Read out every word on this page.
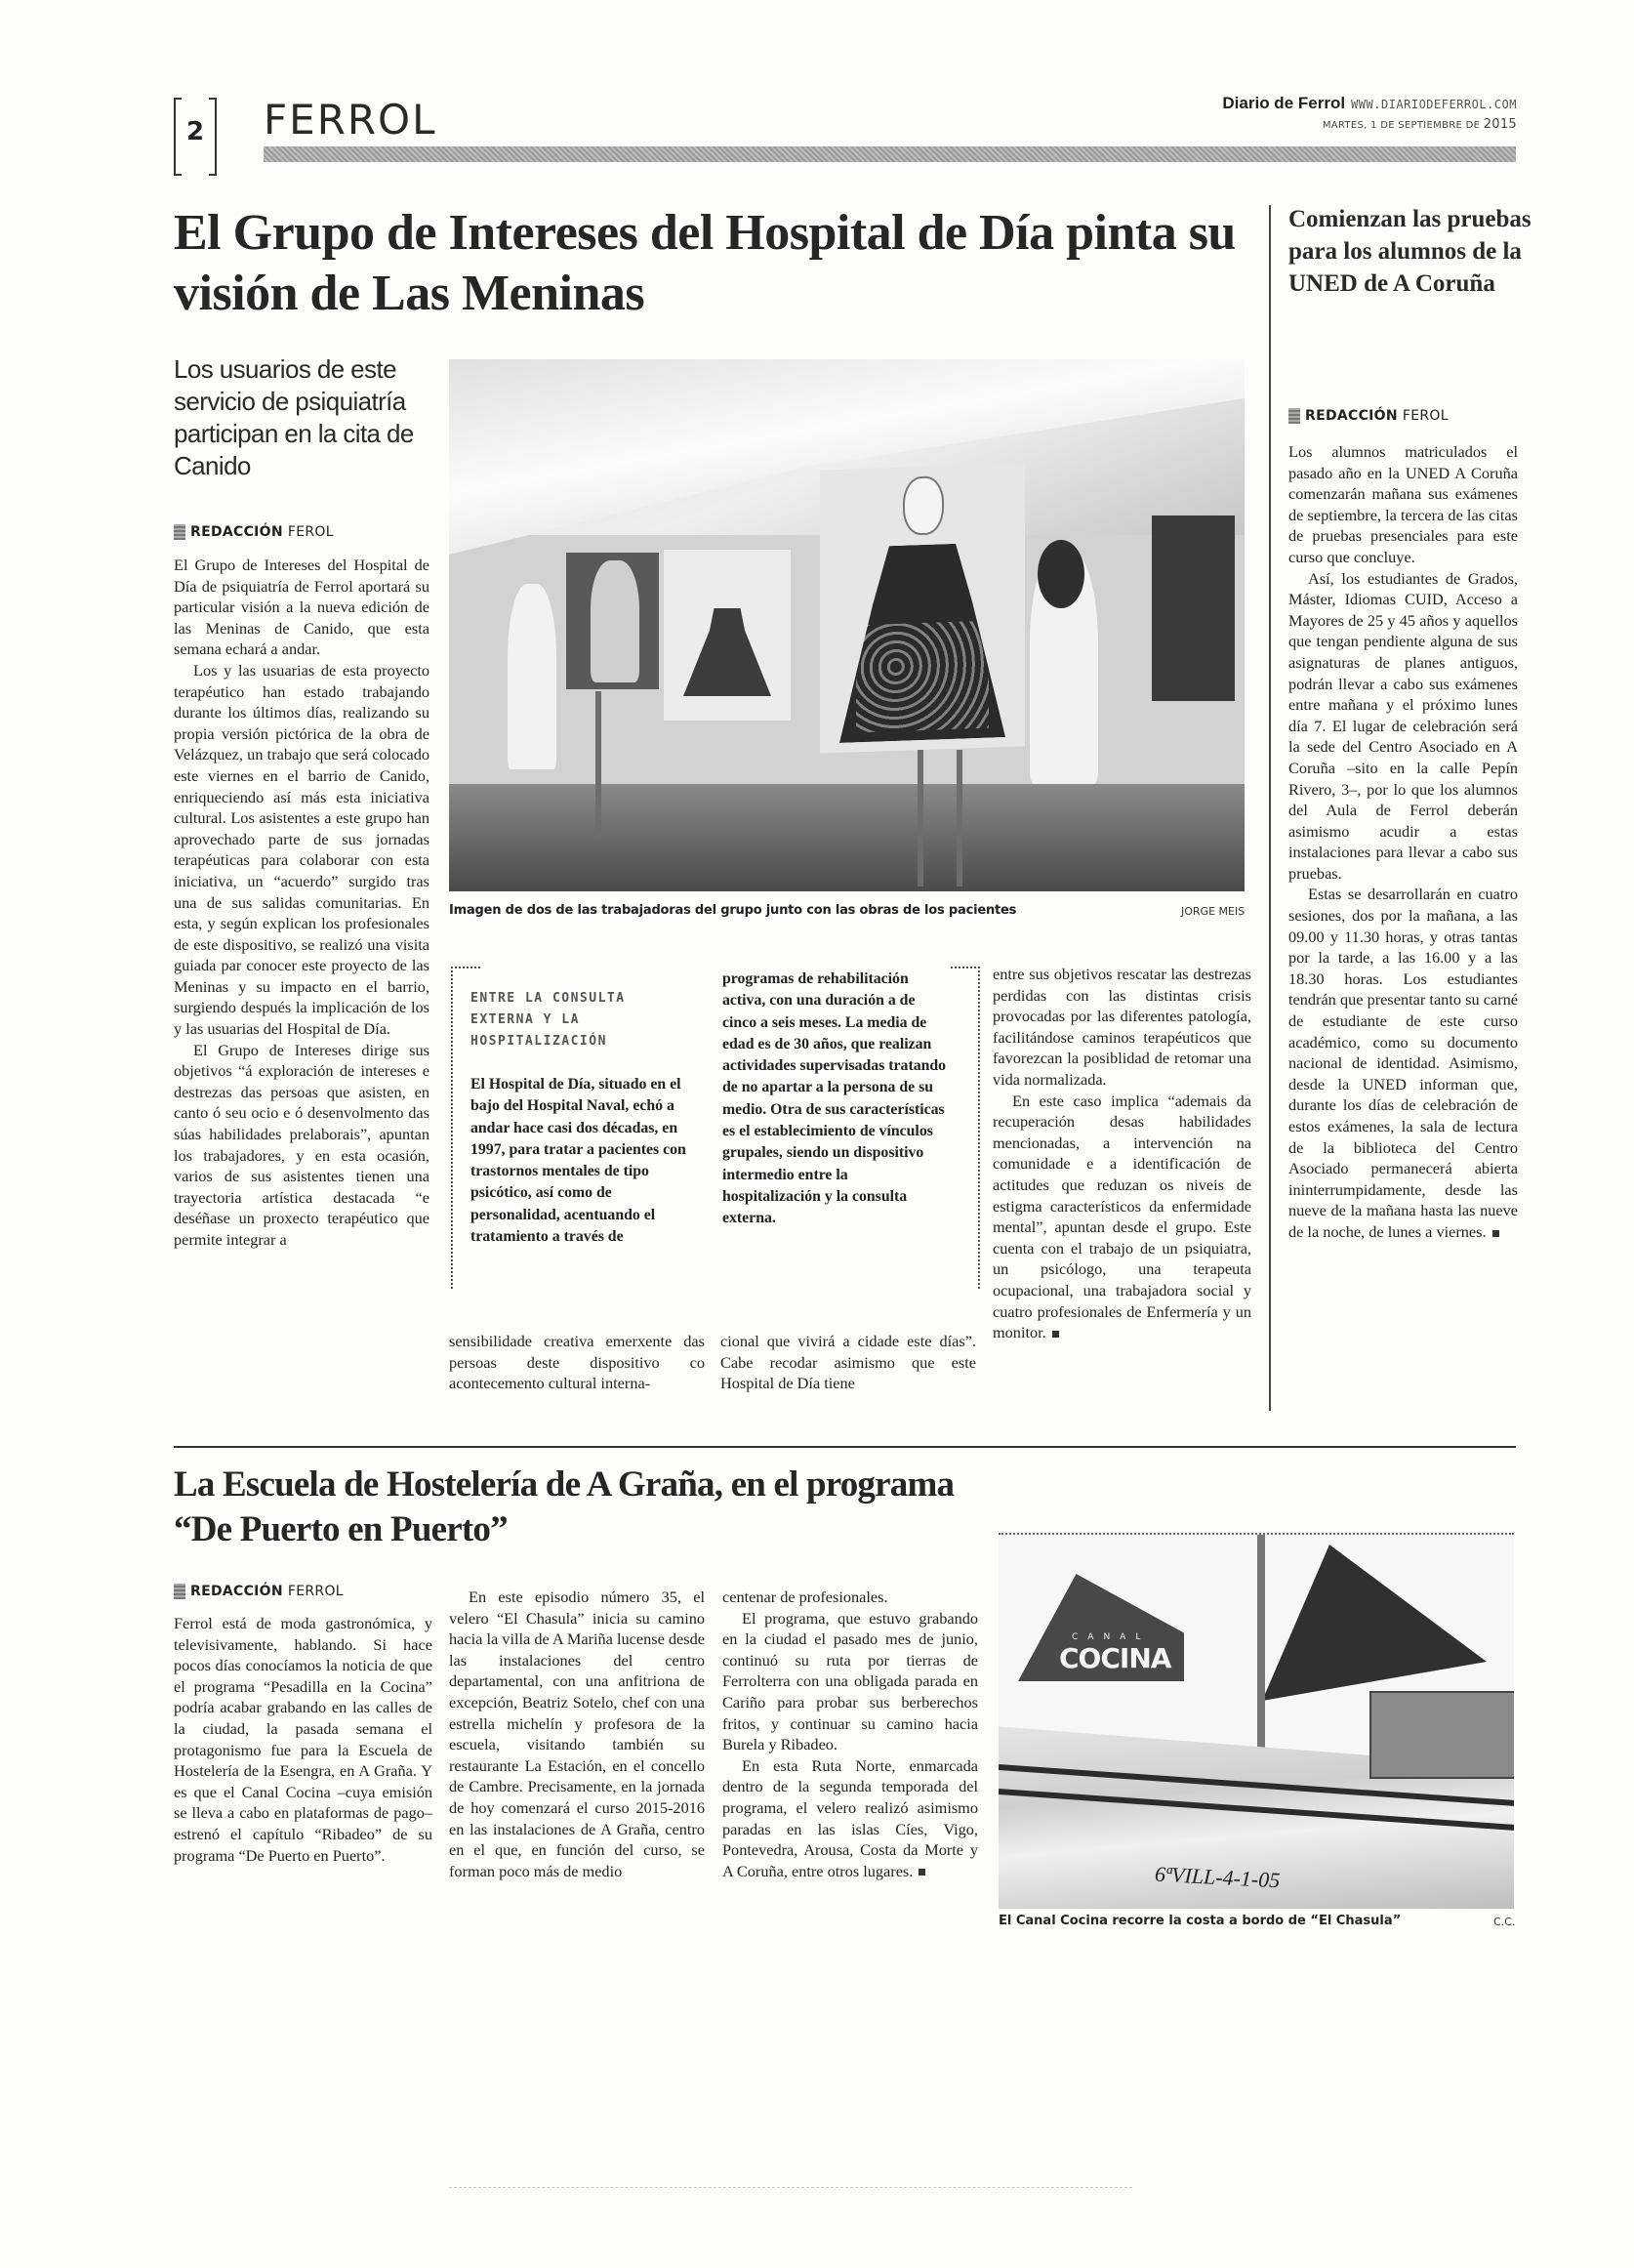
2	FERROL	Diario de Ferrol WWW.DIARIODEFERROL.COM
MARTES, 1 DE SEPTIEMBRE DE 2015
El Grupo de Intereses del Hospital de Día pinta su visión de Las Meninas
Los usuarios de este servicio de psiquiatría participan en la cita de Canido
REDACCIÓN FEROL

El Grupo de Intereses del Hospital de Día de psiquiatría de Ferrol aportará su particular visión a la nueva edición de las Meninas de Canido, que esta semana echará a andar.

Los y las usuarias de esta proyecto terapéutico han estado trabajando durante los últimos días, realizando su propia versión pictórica de la obra de Velázquez, un trabajo que será colocado este viernes en el barrio de Canido, enriqueciendo así más esta iniciativa cultural. Los asistentes a este grupo han aprovechado parte de sus jornadas terapéuticas para colaborar con esta iniciativa, un “acuerdo” surgido tras una de sus salidas comunitarias. En esta, y según explican los profesionales de este dispositivo, se realizó una visita guiada par conocer este proyecto de las Meninas y su impacto en el barrio, surgiendo después la implicación de los y las usuarias del Hospital de Día.

El Grupo de Intereses dirige sus objetivos “á exploración de intereses e destrezas das persoas que asisten, en canto ó seu ocio e ó desenvolmento das súas habilidades prelaborais”, apuntan los trabajadores, y en esta ocasión, varios de sus asistentes tienen una trayectoria artística destacada “e deséñase un proxecto terapéutico que permite integrar a

Imagen de dos de las trabajadoras del grupo junto con las obras de los pacientes	JORGE MEIS
ENTRE LA CONSULTA EXTERNA Y LA HOSPITALIZACIÓN
El Hospital de Día, situado en el bajo del Hospital Naval, echó a andar hace casi dos décadas, en 1997, para tratar a pacientes con trastornos mentales de tipo psicótico, así como de personalidad, acentuando el tratamiento a través de
programas de rehabilitación activa, con una duración a de cinco a seis meses. La media de edad es de 30 años, que realizan actividades supervisadas tratando de no apartar a la persona de su medio. Otra de sus características es el establecimiento de vínculos grupales, siendo un dispositivo intermedio entre la hospitalización y la consulta externa.

sensibilidade creativa emerxente das persoas deste dispositivo co acontecemento cultural interna-

cional que vivirá a cidade este días”. Cabe recodar asimismo que este Hospital de Día tiene

entre sus objetivos rescatar las destrezas perdidas con las distintas crisis provocadas por las diferentes patología, facilitándose caminos terapéuticos que favorezcan la posiblidad de retomar una vida normalizada.

En este caso implica “ademais da recuperación desas habilidades mencionadas, a intervención na comunidade e a identificación de actitudes que reduzan os niveis de estigma característicos da enfermidade mental”, apuntan desde el grupo. Este cuenta con el trabajo de un psiquiatra, un psicólogo, una terapeuta ocupacional, una trabajadora social y cuatro profesionales de Enfermería y un monitor.

Comienzan las pruebas para los alumnos de la UNED de A Coruña
REDACCIÓN FEROL

Los alumnos matriculados el pasado año en la UNED A Coruña comenzarán mañana sus exámenes de septiembre, la tercera de las citas de pruebas presenciales para este curso que concluye.

Así, los estudiantes de Grados, Máster, Idiomas CUID, Acceso a Mayores de 25 y 45 años y aquellos que tengan pendiente alguna de sus asignaturas de planes antiguos, podrán llevar a cabo sus exámenes entre mañana y el próximo lunes día 7. El lugar de celebración será la sede del Centro Asociado en A Coruña –sito en la calle Pepín Rivero, 3–, por lo que los alumnos del Aula de Ferrol deberán asimismo acudir a estas instalaciones para llevar a cabo sus pruebas.

Estas se desarrollarán en cuatro sesiones, dos por la mañana, a las 09.00 y 11.30 horas, y otras tantas por la tarde, a las 16.00 y a las 18.30 horas. Los estudiantes tendrán que presentar tanto su carné de estudiante de este curso académico, como su documento nacional de identidad. Asimismo, desde la UNED informan que, durante los días de celebración de estos exámenes, la sala de lectura de la biblioteca del Centro Asociado permanecerá abierta ininterrumpidamente, desde las nueve de la mañana hasta las nueve de la noche, de lunes a viernes.

La Escuela de Hostelería de A Graña, en el programa “De Puerto en Puerto”
REDACCIÓN FERROL

Ferrol está de moda gastronómica, y televisivamente, hablando. Si hace pocos días conocíamos la noticia de que el programa “Pesadilla en la Cocina” podría acabar grabando en las calles de la ciudad, la pasada semana el protagonismo fue para la Escuela de Hostelería de la Esengra, en A Graña. Y es que el Canal Cocina –cuya emisión se lleva a cabo en plataformas de pago– estrenó el capítulo “Ribadeo” de su programa “De Puerto en Puerto”.

En este episodio número 35, el velero “El Chasula” inicia su camino hacia la villa de A Mariña lucense desde las instalaciones del centro departamental, con una anfitriona de excepción, Beatriz Sotelo, chef con una estrella michelín y profesora de la escuela, visitando también su restaurante La Estación, en el concello de Cambre. Precisamente, en la jornada de hoy comenzará el curso 2015-2016 en las instalaciones de A Graña, centro en el que, en función del curso, se forman poco más de medio

centenar de profesionales.

El programa, que estuvo grabando en la ciudad el pasado mes de junio, continuó su ruta por tierras de Ferrolterra con una obligada parada en Cariño para probar sus berberechos fritos, y continuar su camino hacia Burela y Ribadeo.

En esta Ruta Norte, enmarcada dentro de la segunda temporada del programa, el velero realizó asimismo paradas en las islas Cíes, Vigo, Pontevedra, Arousa, Costa da Morte y A Coruña, entre otros lugares.

CANAL
COCINA
6ªVILL-4-1-05
El Canal Cocina recorre la costa a bordo de “El Chasula”	C.C.
